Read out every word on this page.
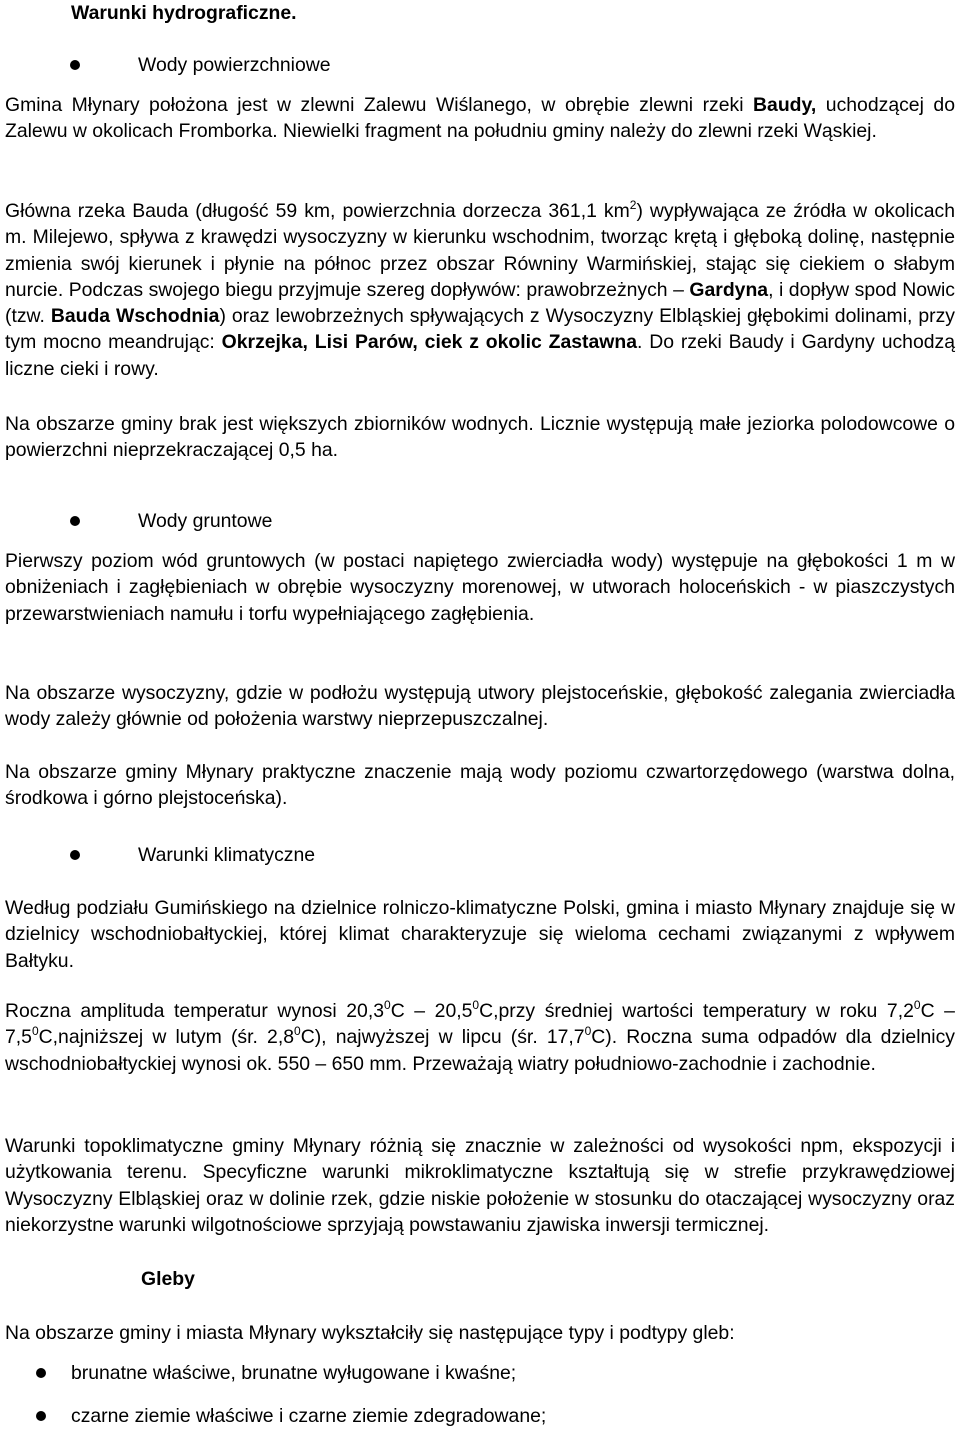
Warunki hydrograficzne.

Wody powierzchniowe

Gmina Młynary położona jest w zlewni Zalewu Wiślanego, w obrębie zlewni rzeki Baudy, uchodzącej do Zalewu w okolicach Fromborka. Niewielki fragment na południu gminy należy do zlewni rzeki Wąskiej.

Główna rzeka Bauda (długość 59 km, powierzchnia dorzecza 361,1 $km^2$) wypływająca ze źródła w okolicach m. Milejewo, spływa z krawędzi wysoczyzny w kierunku wschodnim, tworząc krętą i głęboką dolinę, następnie zmienia swój kierunek i płynie na północ przez obszar Równiny Warmińskiej, stając się ciekiem o słabym nurcie. Podczas swojego biegu przyjmuje szereg dopływów: prawobrzeżnych – Gardyna, i dopływ spod Nowic (tzw. Bauda Wschodnia) oraz lewobrzeżnych spływających z Wysoczyzny Elbląskiej głębokimi dolinami, przy tym mocno meandrując: Okrzejka, Lisi Parów, ciek z okolic Zastawna. Do rzeki Baudy i Gardyny uchodzą liczne cieki i rowy.

Na obszarze gminy brak jest większych zbiorników wodnych. Licznie występują małe jeziorka polodowcowe o powierzchni nieprzekraczającej 0,5 ha.

Wody gruntowe

Pierwszy poziom wód gruntowych (w postaci napiętego zwierciadła wody) występuje na głębokości 1 m w obniżeniach i zagłębieniach w obrębie wysoczyzny morenowej, w utworach holoceńskich - w piaszczystych przewarstwieniach namułu i torfu wypełniającego zagłębienia.

Na obszarze wysoczyzny, gdzie w podłożu występują utwory plejstoceńskie, głębokość zalegania zwierciadła wody zależy głównie od położenia warstwy nieprzepuszczalnej.

Na obszarze gminy Młynary praktyczne znaczenie mają wody poziomu czwartorzędowego (warstwa dolna, środkowa i górno plejstoceńska).

Warunki klimatyczne

Według podziału Gumińskiego na dzielnice rolniczo-klimatyczne Polski, gmina i miasto Młynary znajduje się w dzielnicy wschodniobałtyckiej, której klimat charakteryzuje się wieloma cechami związanymi z wpływem Bałtyku.

Roczna amplituda temperatur wynosi 20,3$^0$C – 20,5$^0$C,przy średniej wartości temperatury w roku $7,2^0C$ – $7,5^0C,najniższej$ w lutym (śr. $2,8^0C$), najwyższej w lipcu (śr. 17,7$^0$C). Roczna suma odpadów dla dzielnicy wschodniobałtyckiej wynosi ok. 550 – 650 mm. Przeważają wiatry południowo-zachodnie i zachodnie.

Warunki topoklimatyczne gminy Młynary różnią się znacznie w zależności od wysokości npm, ekspozycji i użytkowania terenu. Specyficzne warunki mikroklimatyczne kształtują się w strefie przykrawędziowej Wysoczyzny Elbląskiej oraz w dolinie rzek, gdzie niskie położenie w stosunku do otaczającej wysoczyzny oraz niekorzystne warunki wilgotnościowe sprzyjają powstawaniu zjawiska inwersji termicznej.

Gleby

Na obszarze gminy i miasta Młynary wykształciły się następujące typy i podtypy gleb:

brunatne właściwe, brunatne wyługowane i kwaśne;
czarne ziemie właściwe i czarne ziemie zdegradowane;
